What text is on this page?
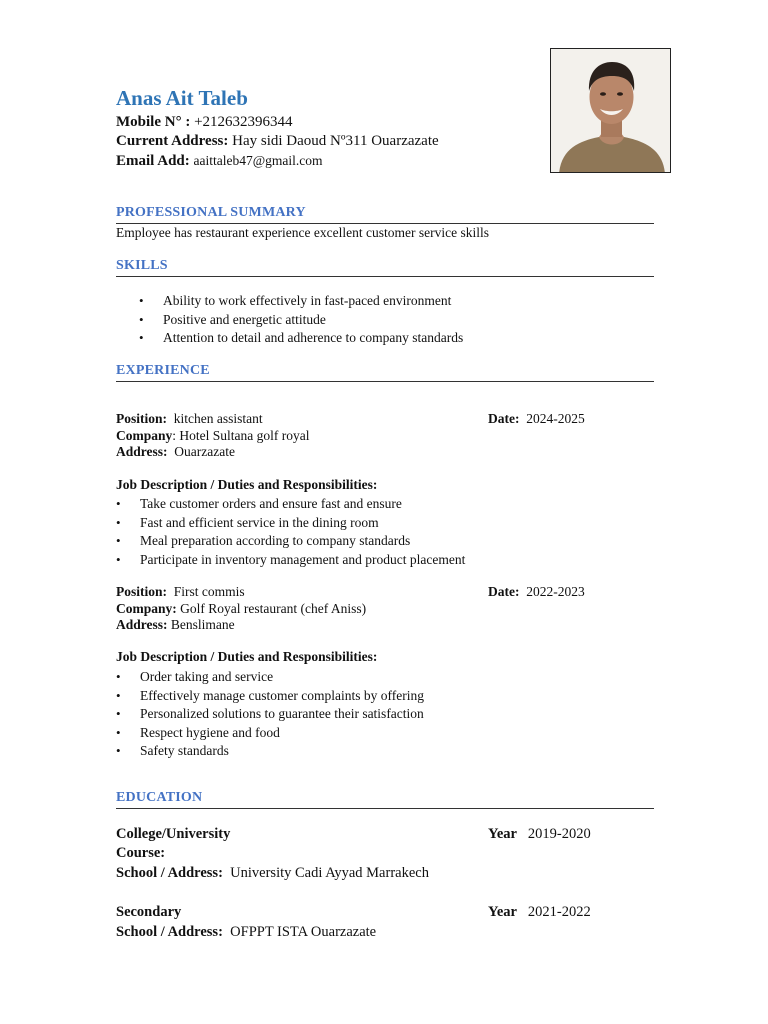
Anas Ait Taleb
Mobile N° : +212632396344
Current Address: Hay sidi Daoud Nº311 Ouarzazate
Email Add: aaittaleb47@gmail.com
PROFESSIONAL SUMMARY
Employee has restaurant experience excellent customer service skills
SKILLS
• Ability to work effectively in fast-paced environment
• Positive and energetic attitude
• Attention to detail and adherence to company standards
EXPERIENCE
Position: kitchen assistant	Date: 2024-2025
Company: Hotel Sultana golf royal
Address: Ouarzazate
Job Description / Duties and Responsibilities:
• Take customer orders and ensure fast and ensure
• Fast and efficient service in the dining room
• Meal preparation according to company standards
• Participate in inventory management and product placement
Position: First commis	Date: 2022-2023
Company: Golf Royal restaurant (chef Aniss)
Address: Benslimane
Job Description / Duties and Responsibilities:
• Order taking and service
• Effectively manage customer complaints by offering
• Personalized solutions to guarantee their satisfaction
• Respect hygiene and food
• Safety standards
EDUCATION
College/University	Year 2019-2020
Course:
School / Address: University Cadi Ayyad Marrakech
Secondary	Year 2021-2022
School / Address: OFPPT ISTA Ouarzazate
